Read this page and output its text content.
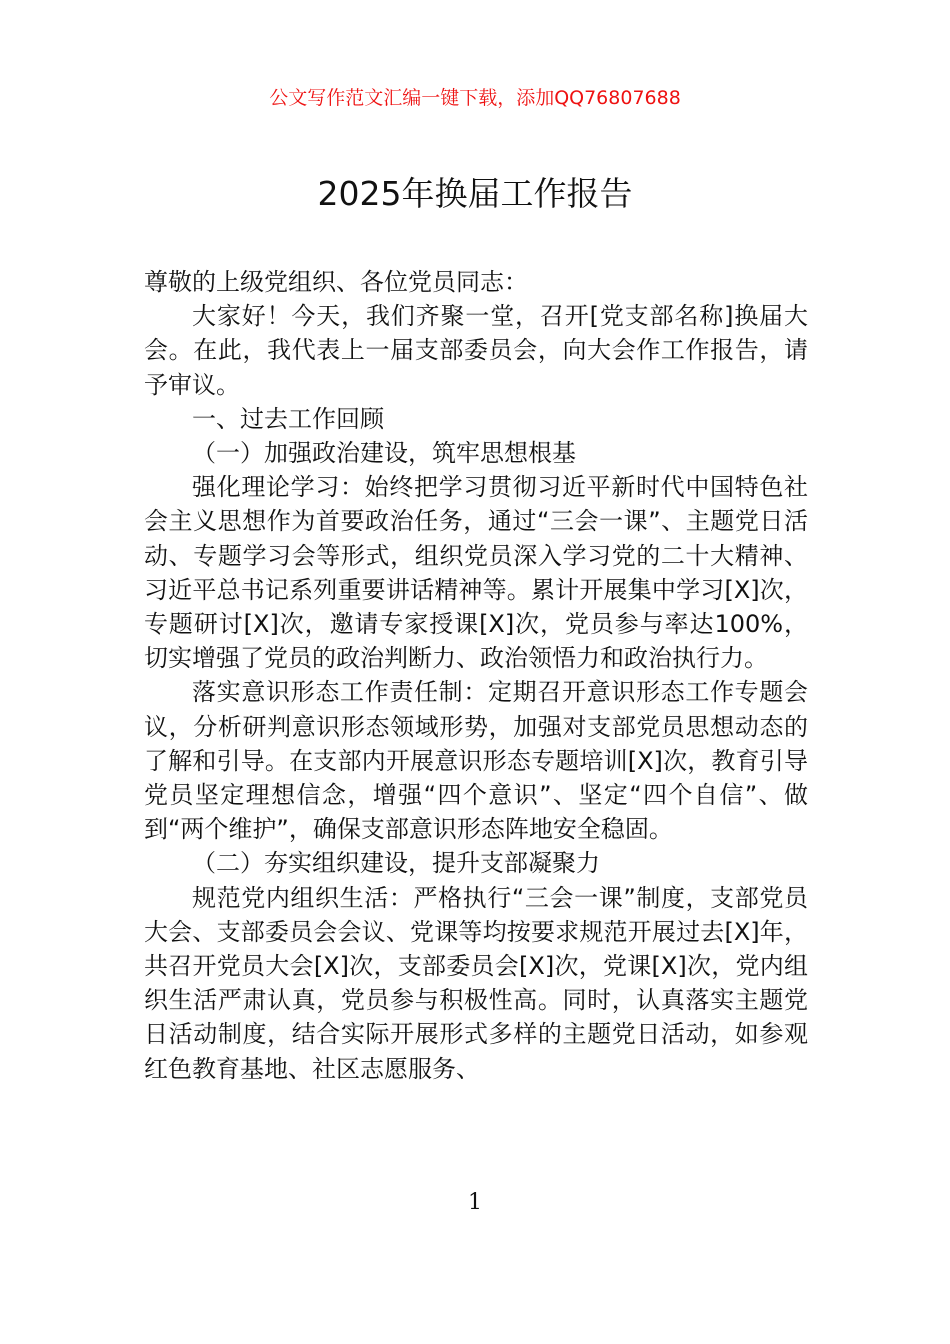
公文写作范文汇编一键下载，添加QQ76807688
2025年换届工作报告

尊敬的上级党组织、各位党员同志：

大家好！今天，我们齐聚一堂，召开[党支部名称]换届大会。在此，我代表上一届支部委员会，向大会作工作报告，请予审议。

一、过去工作回顾

（一）加强政治建设，筑牢思想根基

强化理论学习：始终把学习贯彻习近平新时代中国特色社会主义思想作为首要政治任务，通过“三会一课”、主题党日活动、专题学习会等形式，组织党员深入学习党的二十大精神、习近平总书记系列重要讲话精神等。累计开展集中学习[X]次，专题研讨[X]次，邀请专家授课[X]次，党员参与率达100%，切实增强了党员的政治判断力、政治领悟力和政治执行力。

落实意识形态工作责任制：定期召开意识形态工作专题会议，分析研判意识形态领域形势，加强对支部党员思想动态的了解和引导。在支部内开展意识形态专题培训[X]次，教育引导党员坚定理想信念，增强“四个意识”、坚定“四个自信”、做到“两个维护”，确保支部意识形态阵地安全稳固。

（二）夯实组织建设，提升支部凝聚力

规范党内组织生活：严格执行“三会一课”制度，支部党员大会、支部委员会会议、党课等均按要求规范开展过去[X]年，共召开党员大会[X]次，支部委员会[X]次，党课[X]次，党内组织生活严肃认真，党员参与积极性高。同时，认真落实主题党日活动制度，结合实际开展形式多样的主题党日活动，如参观红色教育基地、社区志愿服务、

1
